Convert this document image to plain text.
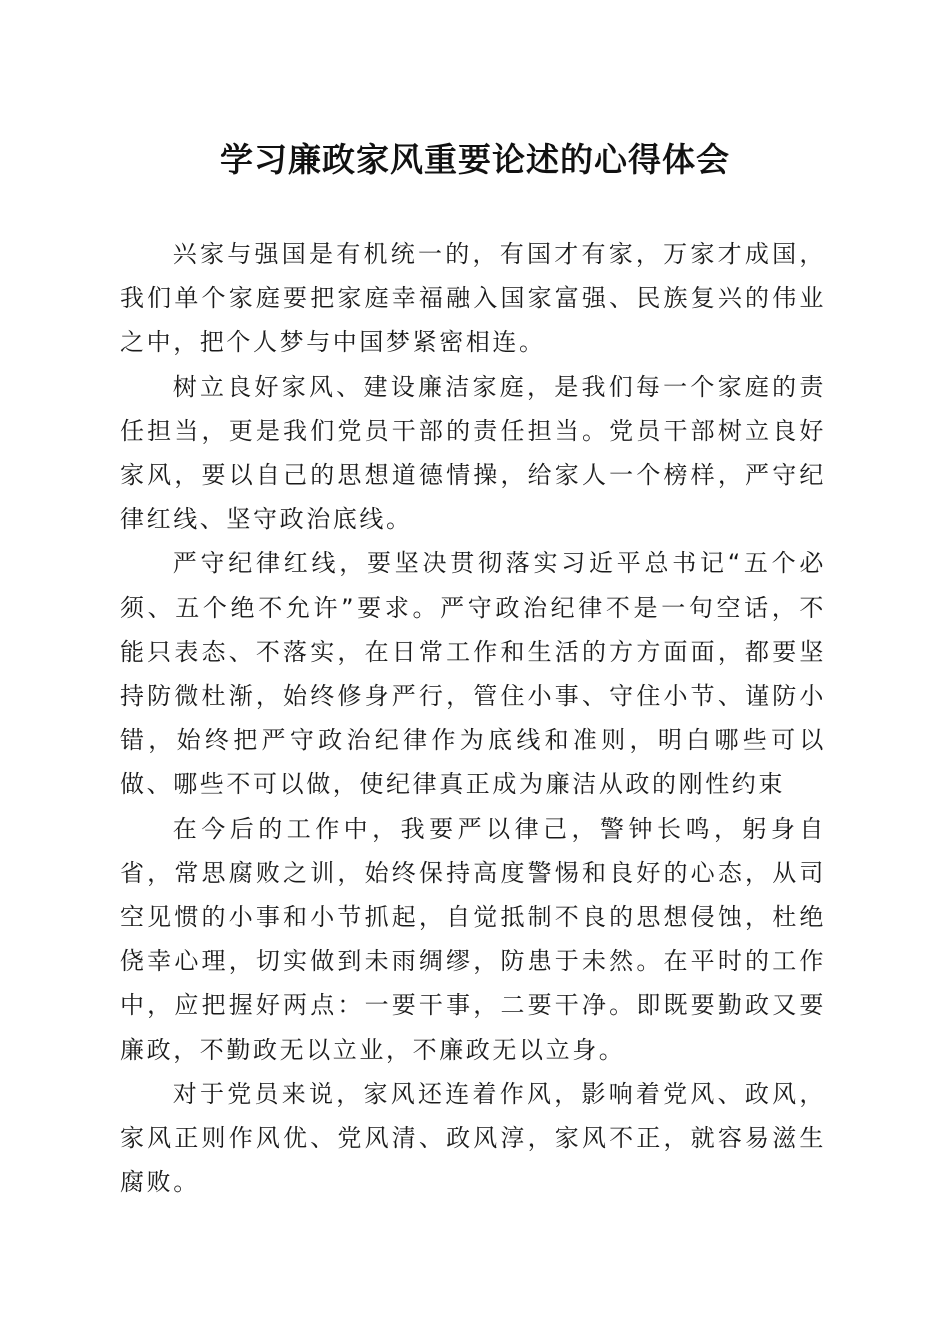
学习廉政家风重要论述的心得体会

兴家与强国是有机统一的，有国才有家，万家才成国，我们单个家庭要把家庭幸福融入国家富强、民族复兴的伟业之中，把个人梦与中国梦紧密相连。

树立良好家风、建设廉洁家庭，是我们每一个家庭的责任担当，更是我们党员干部的责任担当。党员干部树立良好家风，要以自己的思想道德情操，给家人一个榜样，严守纪律红线、坚守政治底线。

严守纪律红线，要坚决贯彻落实习近平总书记“五个必须、五个绝不允许”要求。严守政治纪律不是一句空话，不能只表态、不落实，在日常工作和生活的方方面面，都要坚持防微杜渐，始终修身严行，管住小事、守住小节、谨防小错，始终把严守政治纪律作为底线和准则，明白哪些可以做、哪些不可以做，使纪律真正成为廉洁从政的刚性约束

在今后的工作中，我要严以律己，警钟长鸣，躬身自省，常思腐败之训，始终保持高度警惕和良好的心态，从司空见惯的小事和小节抓起，自觉抵制不良的思想侵蚀，杜绝侥幸心理，切实做到未雨绸缪，防患于未然。在平时的工作中，应把握好两点：一要干事，二要干净。即既要勤政又要廉政，不勤政无以立业，不廉政无以立身。

对于党员来说，家风还连着作风，影响着党风、政风，家风正则作风优、党风清、政风淳，家风不正，就容易滋生腐败。
